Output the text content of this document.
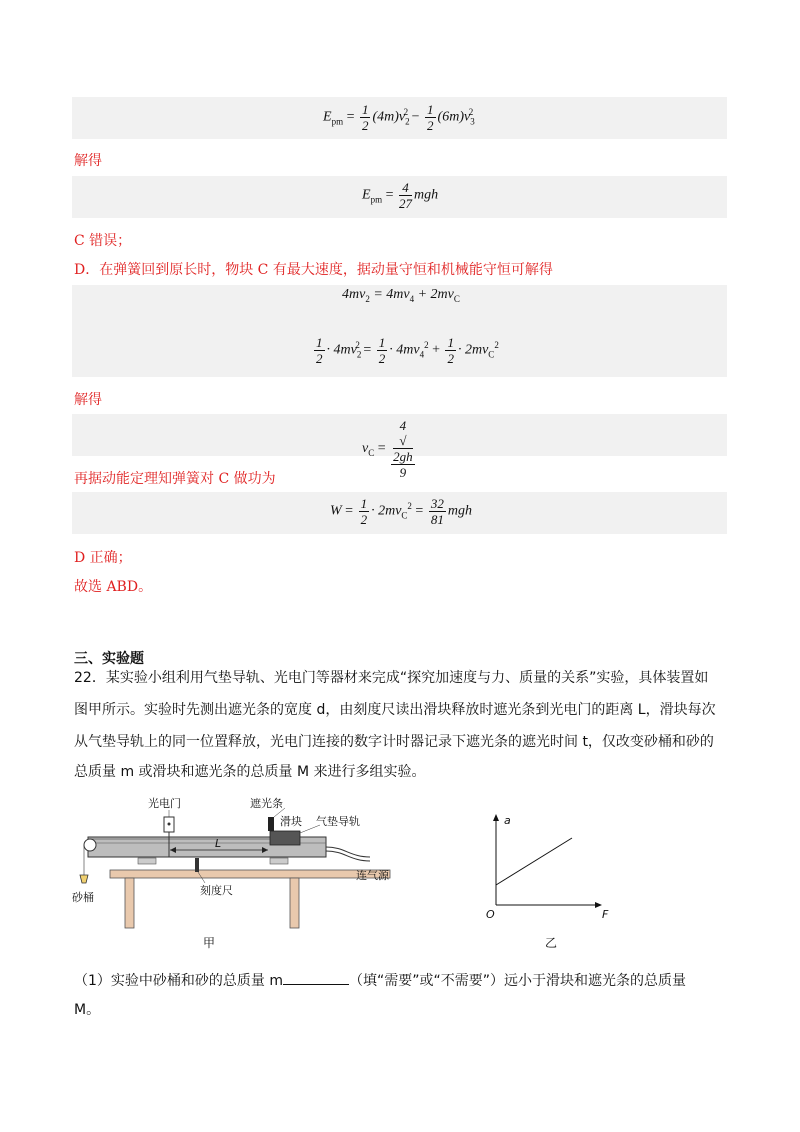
$E_{pm} = \frac{1}{2} (4m)v_2^2 - \frac{1}{2} (6m)v_3^2$
解得
$E_{pm} = \frac{4}{27}$ mgh
C 错误；
D．在弹簧回到原长时，物块 C 有最大速度，据动量守恒和机械能守恒可解得
$4mv_2 = 4mv_4 + 2mv_C$
$\frac{1}{2} \cdot 4mv_2^2 = \frac{1}{2} \cdot 4mv_4^2 + \frac{1}{2} \cdot 2mv_C^2$
解得
$v_C = 4$
√
2gh
9
再据动能定理知弹簧对 C 做功为
$W = \frac{1}{2} \cdot 2mv_C^2 = \frac{32}{81}$ mgh
D 正确；
故选 ABD。
三、实验题
22．某实验小组利用气垫导轨、光电门等器材来完成“探究加速度与力、质量的关系”实验，具体装置如
图甲所示。实验时先测出遮光条的宽度 d，由刻度尺读出滑块释放时遮光条到光电门的距离 L，滑块每次
从气垫导轨上的同一位置释放，光电门连接的数字计时器记录下遮光条的遮光时间 t，仅改变砂桶和砂的
总质量 m 或滑块和遮光条的总质量 M 来进行多组实验。
光电门	遮光条
滑块 气垫导轨
L
连气源
刻度尺
砂桶
甲
a
F
O
乙
（1）实验中砂桶和砂的总质量 m	（填“需要”或“不需要”）远小于滑块和遮光条的总质量
M。
